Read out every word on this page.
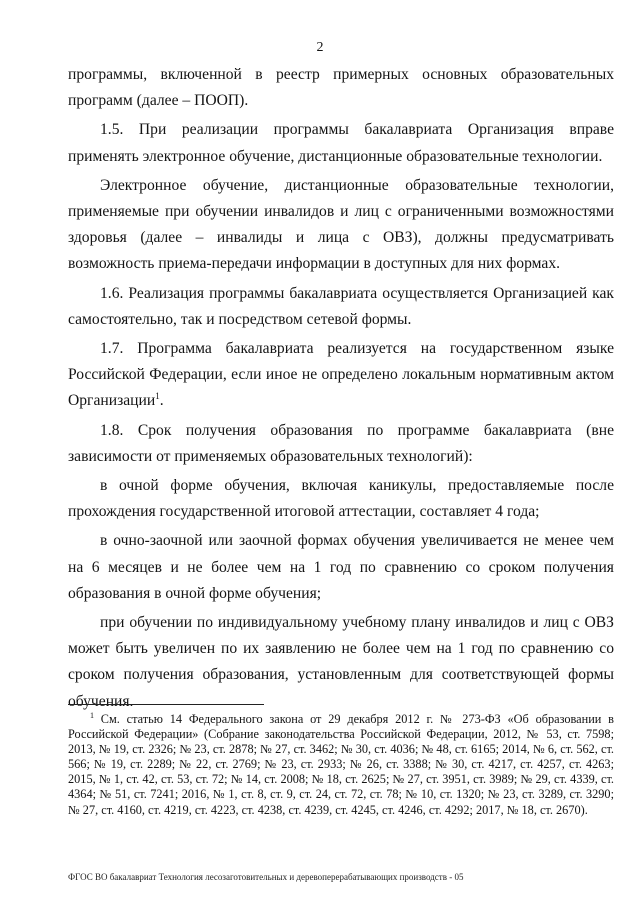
2

программы, включенной в реестр примерных основных образовательных программ (далее – ПООП).

1.5. При реализации программы бакалавриата Организация вправе применять электронное обучение, дистанционные образовательные технологии.

Электронное обучение, дистанционные образовательные технологии, применяемые при обучении инвалидов и лиц с ограниченными возможностями здоровья (далее – инвалиды и лица с ОВЗ), должны предусматривать возможность приема-передачи информации в доступных для них формах.

1.6. Реализация программы бакалавриата осуществляется Организацией как самостоятельно, так и посредством сетевой формы.

1.7. Программа бакалавриата реализуется на государственном языке Российской Федерации, если иное не определено локальным нормативным актом Организации$^1$.

1.8. Срок получения образования по программе бакалавриата (вне зависимости от применяемых образовательных технологий):

в очной форме обучения, включая каникулы, предоставляемые после прохождения государственной итоговой аттестации, составляет 4 года;

в очно-заочной или заочной формах обучения увеличивается не менее чем на 6 месяцев и не более чем на 1 год по сравнению со сроком получения образования в очной форме обучения;

при обучении по индивидуальному учебному плану инвалидов и лиц с ОВЗ может быть увеличен по их заявлению не более чем на 1 год по сравнению со сроком получения образования, установленным для соответствующей формы обучения.

$^1$ См. статью 14 Федерального закона от 29 декабря 2012 г. № 273-ФЗ «Об образовании в Российской Федерации» (Собрание законодательства Российской Федерации, 2012, № 53, ст. 7598; 2013, № 19, ст. 2326; № 23, ст. 2878; № 27, ст. 3462; № 30, ст. 4036; № 48, ст. 6165; 2014, № 6, ст. 562, ст. 566; № 19, ст. 2289; № 22, ст. 2769; № 23, ст. 2933; № 26, ст. 3388; № 30, ст. 4217, ст. 4257, ст. 4263; 2015, № 1, ст. 42, ст. 53, ст. 72; № 14, ст. 2008; № 18, ст. 2625; № 27, ст. 3951, ст. 3989; № 29, ст. 4339, ст. 4364; № 51, ст. 7241; 2016, № 1, ст. 8, ст. 9, ст. 24, ст. 72, ст. 78; № 10, ст. 1320; № 23, ст. 3289, ст. 3290; № 27, ст. 4160, ст. 4219, ст. 4223, ст. 4238, ст. 4239, ст. 4245, ст. 4246, ст. 4292; 2017, № 18, ст. 2670).
ФГОС ВО бакалавриат Технология лесозаготовительных и деревоперерабатывающих производств - 05
